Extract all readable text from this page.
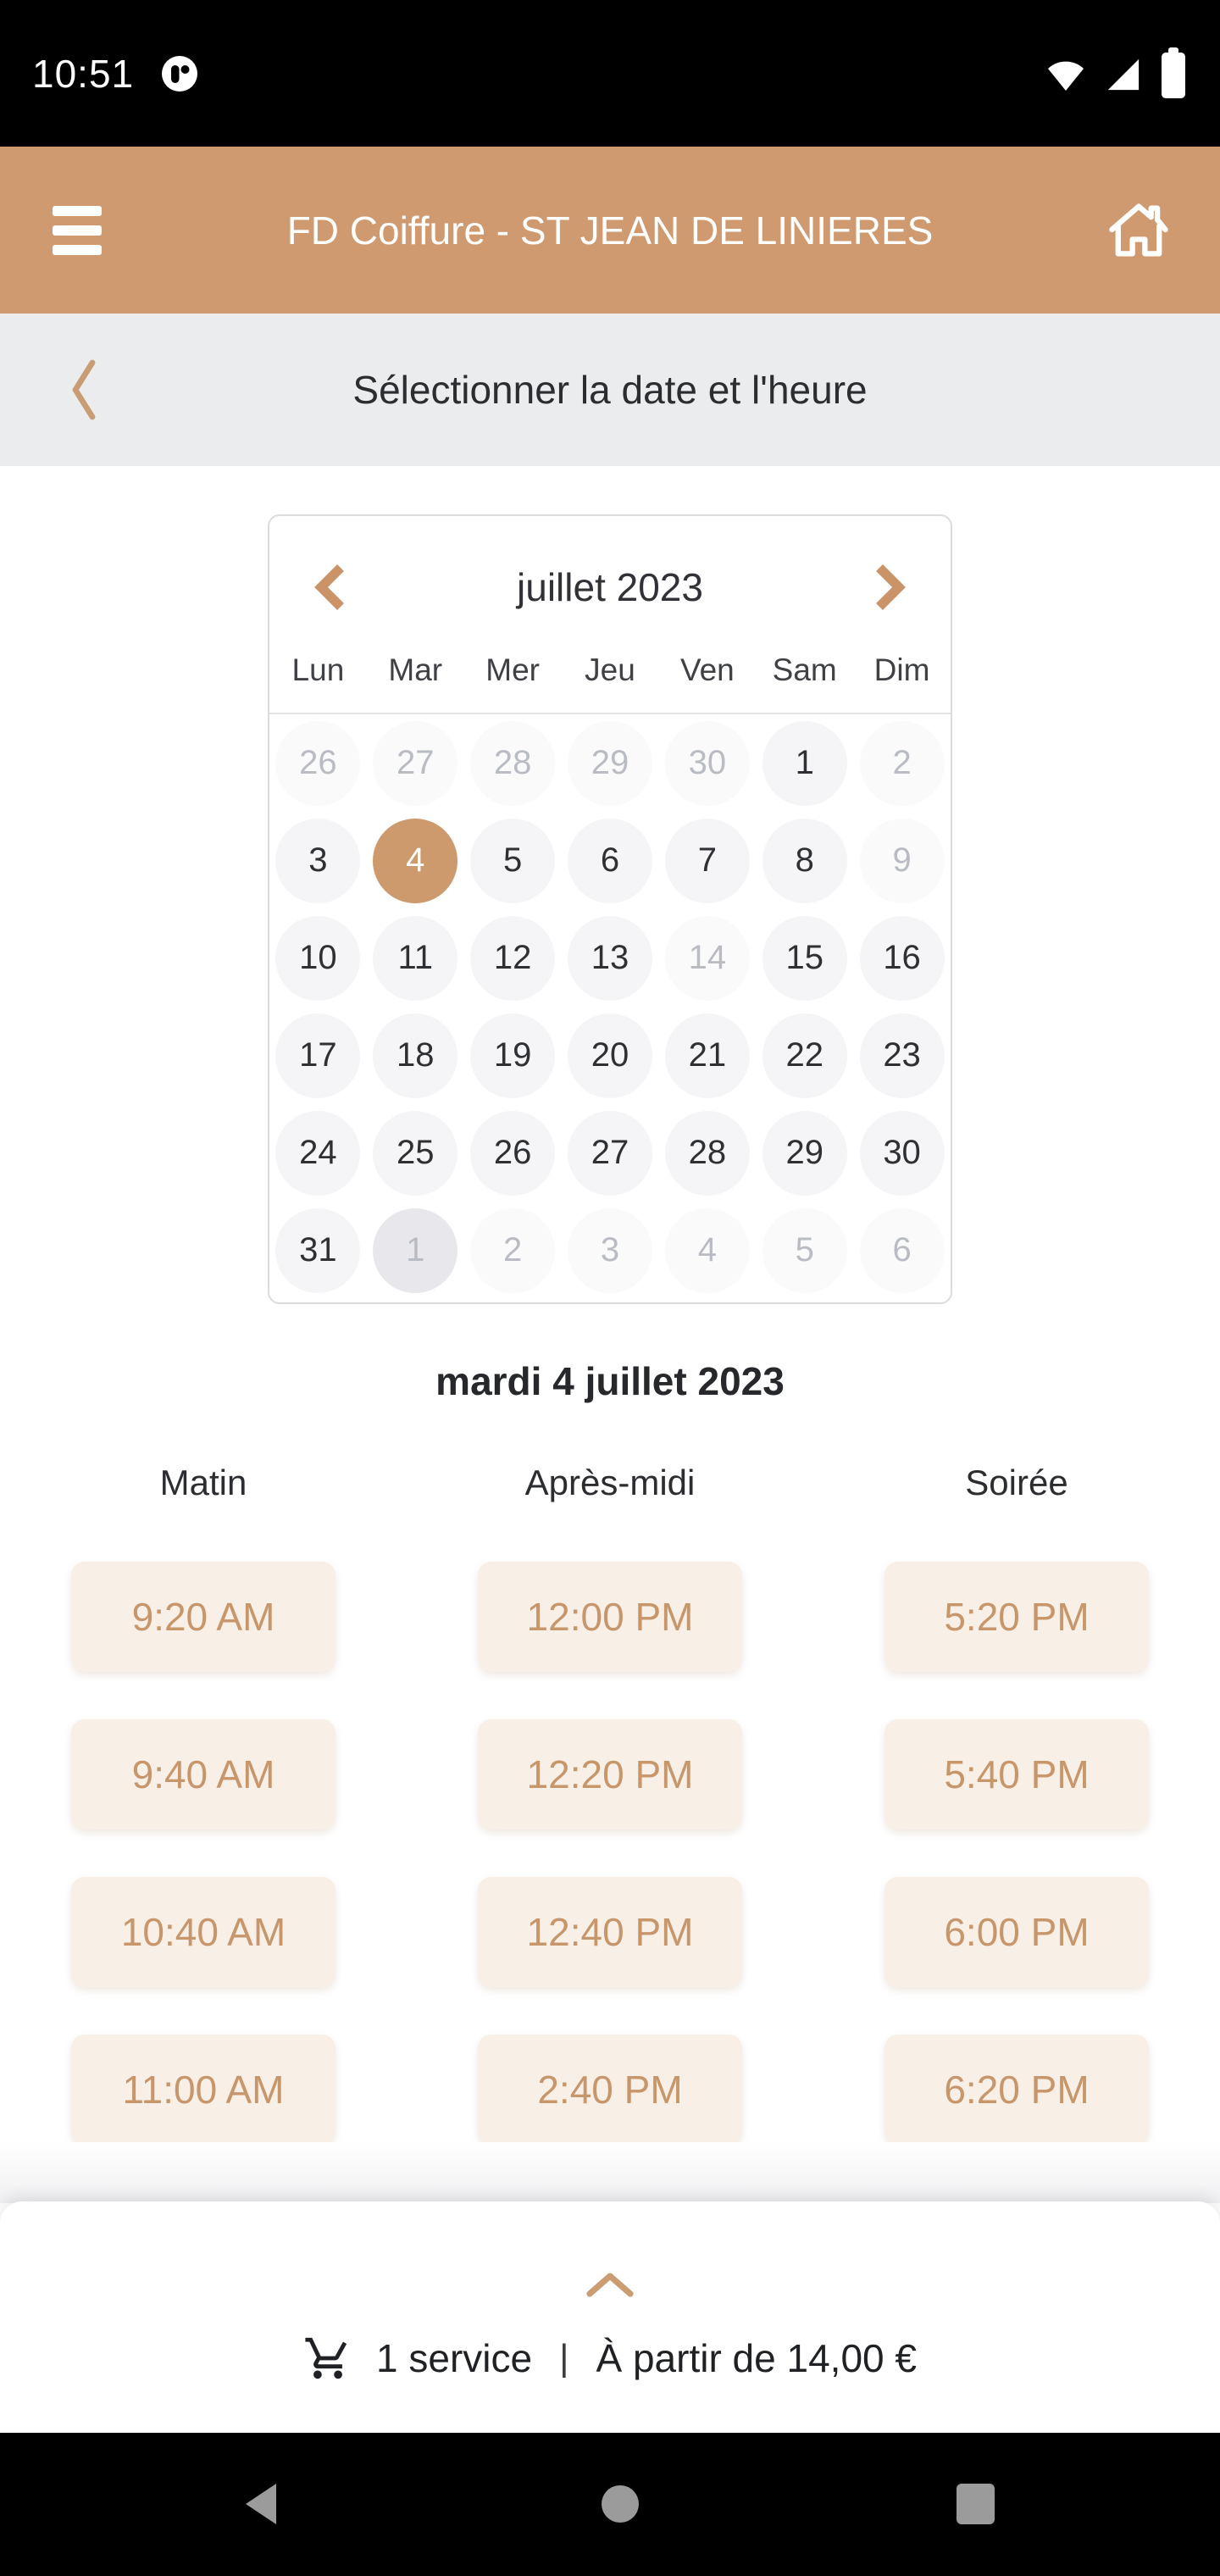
10:51
FD Coiffure - ST JEAN DE LINIERES
Sélectionner la date et l'heure
juillet 2023
Lun	Mar	Mer	Jeu	Ven	Sam	Dim
26	27	28	29	30	1	2
3	4	5	6	7	8	9
10	11	12	13	14	15	16
17	18	19	20	21	22	23
24	25	26	27	28	29	30
31	1	2	3	4	5	6
mardi 4 juillet 2023
Matin	Après-midi	Soirée
9:20 AM	12:00 PM	5:20 PM
9:40 AM	12:20 PM	5:40 PM
10:40 AM	12:40 PM	6:00 PM
11:00 AM	2:40 PM	6:20 PM
1 service | À partir de 14,00 €
